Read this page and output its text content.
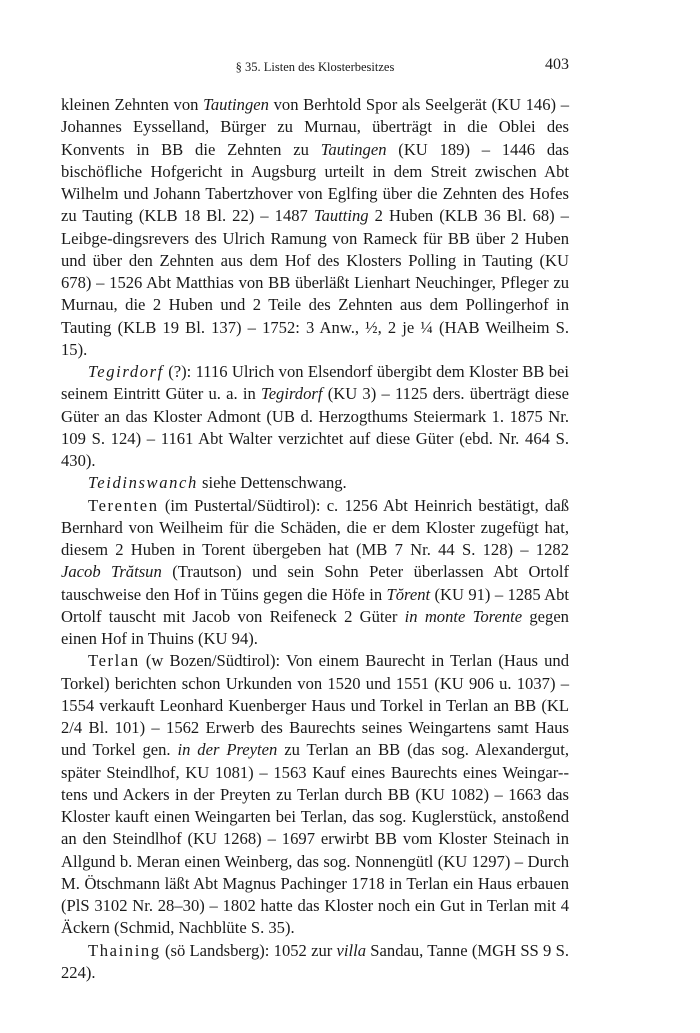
§ 35. Listen des Klosterbesitzes	403

kleinen Zehnten von Tautingen von Berhtold Spor als Seelgerät (KU 146) – Johannes Eysselland, Bürger zu Murnau, überträgt in die Oblei des Konvents in BB die Zehnten zu Tautingen (KU 189) – 1446 das bischöfliche Hofgericht in Augsburg urteilt in dem Streit zwischen Abt Wilhelm und Johann Tabertzhover von Eglfing über die Zehnten des Hofes zu Tauting (KLB 18 Bl. 22) – 1487 Tautting 2 Huben (KLB 36 Bl. 68) – Leibge-dingsrevers des Ulrich Ramung von Rameck für BB über 2 Huben und über den Zehnten aus dem Hof des Klosters Polling in Tauting (KU 678) – 1526 Abt Matthias von BB überläßt Lienhart Neuchinger, Pfleger zu Murnau, die 2 Huben und 2 Teile des Zehnten aus dem Pollingerhof in Tauting (KLB 19 Bl. 137) – 1752: 3 Anw., ½, 2 je ¼ (HAB Weilheim S. 15).

Tegirdorf (?): 1116 Ulrich von Elsendorf übergibt dem Kloster BB bei seinem Eintritt Güter u. a. in Tegirdorf (KU 3) – 1125 ders. überträgt diese Güter an das Kloster Admont (UB d. Herzogthums Steiermark 1. 1875 Nr. 109 S. 124) – 1161 Abt Walter verzichtet auf diese Güter (ebd. Nr. 464 S. 430).

Teidinswanch siehe Dettenschwang.

Terenten (im Pustertal/Südtirol): c. 1256 Abt Heinrich bestätigt, daß Bernhard von Weilheim für die Schäden, die er dem Kloster zugefügt hat, diesem 2 Huben in Torent übergeben hat (MB 7 Nr. 44 S. 128) – 1282 Jacob Trătsun (Trautson) und sein Sohn Peter überlassen Abt Ortolf tauschweise den Hof in Tŭins gegen die Höfe in Tŏrent (KU 91) – 1285 Abt Ortolf tauscht mit Jacob von Reifeneck 2 Güter in monte Torente gegen einen Hof in Thuins (KU 94).

Terlan (w Bozen/Südtirol): Von einem Baurecht in Terlan (Haus und Torkel) berichten schon Urkunden von 1520 und 1551 (KU 906 u. 1037) – 1554 verkauft Leonhard Kuenberger Haus und Torkel in Terlan an BB (KL 2/4 Bl. 101) – 1562 Erwerb des Baurechts seines Weingartens samt Haus und Torkel gen. in der Preyten zu Terlan an BB (das sog. Alexandergut, später Steindlhof, KU 1081) – 1563 Kauf eines Baurechts eines Weingar-tens und Ackers in der Preyten zu Terlan durch BB (KU 1082) – 1663 das Kloster kauft einen Weingarten bei Terlan, das sog. Kuglerstück, anstoßend an den Steindlhof (KU 1268) – 1697 erwirbt BB vom Kloster Steinach in Allgund b. Meran einen Weinberg, das sog. Nonnengütl (KU 1297) – Durch M. Ötschmann läßt Abt Magnus Pachinger 1718 in Terlan ein Haus erbauen (PlS 3102 Nr. 28–30) – 1802 hatte das Kloster noch ein Gut in Terlan mit 4 Äckern (Schmid, Nachblüte S. 35).

Thaining (sö Landsberg): 1052 zur villa Sandau, Tanne (MGH SS 9 S. 224).
